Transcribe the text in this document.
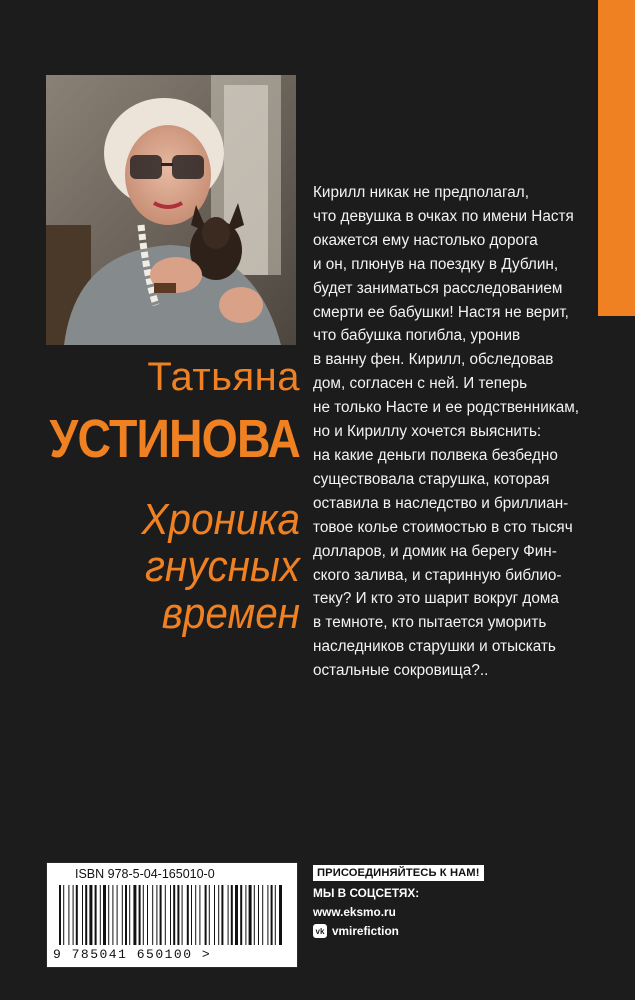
Татьяна
УСТИНОВА
Хроника
гнусных
времен
Кирилл никак не предполагал,
что девушка в очках по имени Настя
окажется ему настолько дорога
и он, плюнув на поездку в Дублин,
будет заниматься расследованием
смерти ее бабушки! Настя не верит,
что бабушка погибла, уронив
в ванну фен. Кирилл, обследовав
дом, согласен с ней. И теперь
не только Насте и ее родственникам,
но и Кириллу хочется выяснить:
на какие деньги полвека безбедно
существовала старушка, которая
оставила в наследство и бриллиан-
товое колье стоимостью в сто тысяч
долларов, и домик на берегу Фин-
ского залива, и старинную библио-
теку? И кто это шарит вокруг дома
в темноте, кто пытается уморить
наследников старушки и отыскать
остальные сокровища?..
ISBN 978-5-04-165010-0
9 785041 650100 >
ПРИСОЕДИНЯЙТЕСЬ К НАМ!
МЫ В СОЦСЕТЯХ:
www.eksmo.ru
vk vmirefiction
